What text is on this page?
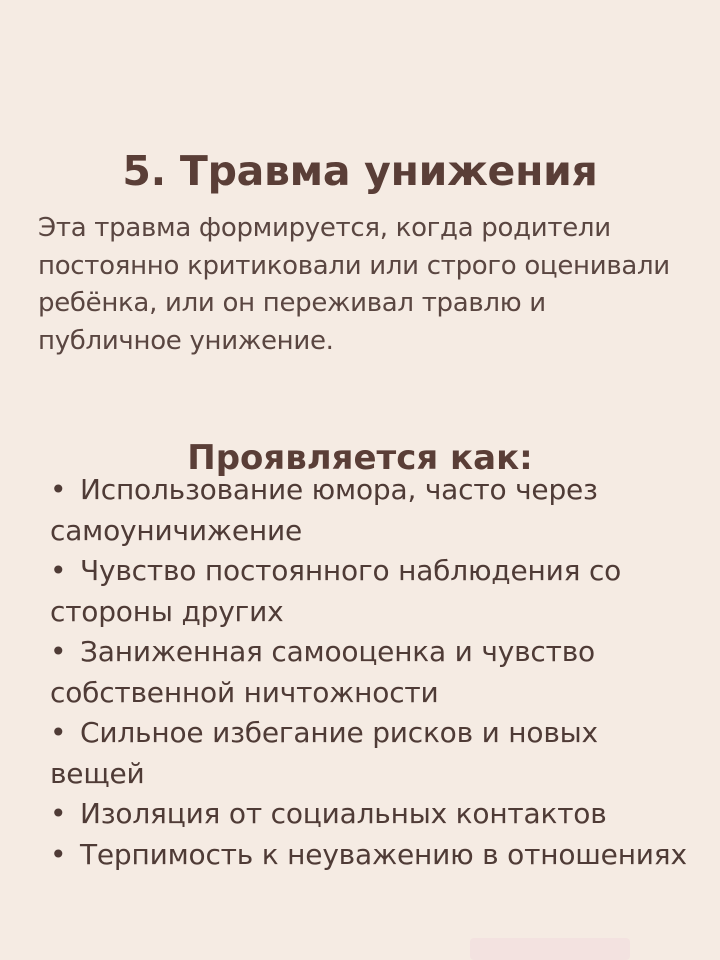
5. Травма унижения

Эта травма формируется, когда родители постоянно критиковали или строго оценивали ребёнка, или он переживал травлю и публичное унижение.

Проявляется как:
• Использование юмора, часто через самоуничижение
• Чувство постоянного наблюдения со стороны других
• Заниженная самооценка и чувство собственной ничтожности
• Сильное избегание рисков и новых вещей
• Изоляция от социальных контактов
• Терпимость к неуважению в отношениях
